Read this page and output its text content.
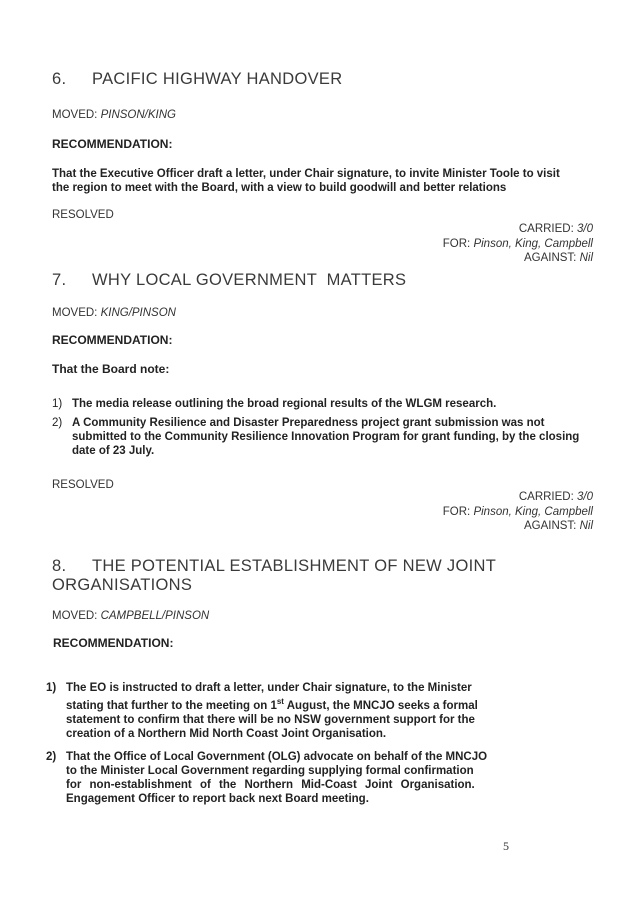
6. PACIFIC HIGHWAY HANDOVER
MOVED: PINSON/KING
RECOMMENDATION:
That the Executive Officer draft a letter, under Chair signature, to invite Minister Toole to visit
the region to meet with the Board, with a view to build goodwill and better relations
RESOLVED
CARRIED: 3/0
FOR: Pinson, King, Campbell
AGAINST: Nil
7. WHY LOCAL GOVERNMENT  MATTERS
MOVED: KING/PINSON
RECOMMENDATION:
That the Board note:
1) The media release outlining the broad regional results of the WLGM research.
2) A Community Resilience and Disaster Preparedness project grant submission was not
submitted to the Community Resilience Innovation Program for grant funding, by the closing
date of 23 July.
RESOLVED
CARRIED: 3/0
FOR: Pinson, King, Campbell
AGAINST: Nil
8. THE POTENTIAL ESTABLISHMENT OF NEW JOINT
ORGANISATIONS
MOVED: CAMPBELL/PINSON
RECOMMENDATION:
1) The EO is instructed to draft a letter, under Chair signature, to the Minister
stating that further to the meeting on 1st August, the MNCJO seeks a formal
statement to confirm that there will be no NSW government support for the
creation of a Northern Mid North Coast Joint Organisation.
2) That the Office of Local Government (OLG) advocate on behalf of the MNCJO
to the Minister Local Government regarding supplying formal confirmation
for non-establishment of the Northern Mid-Coast Joint Organisation.
Engagement Officer to report back next Board meeting.
5
